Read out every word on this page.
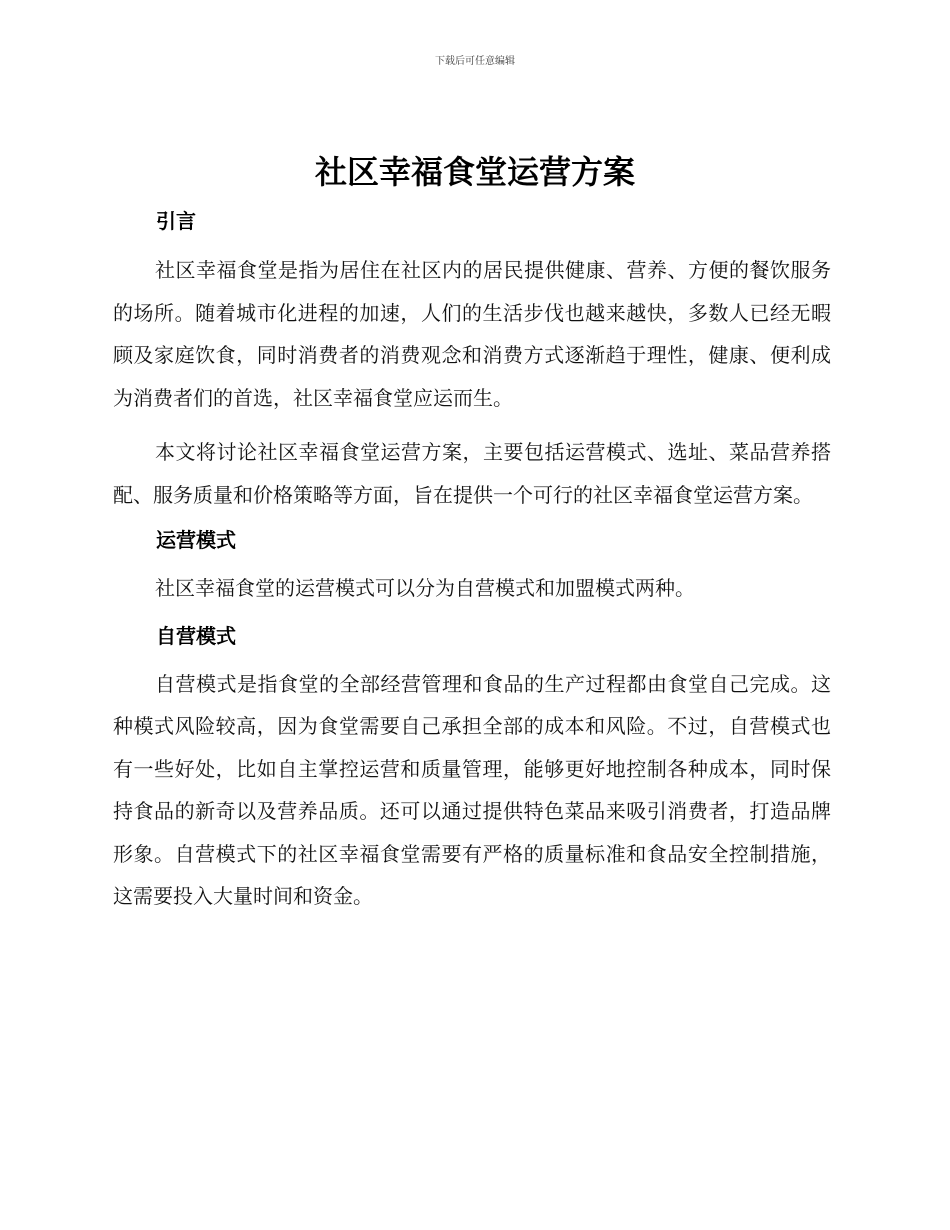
下载后可任意编辑
社区幸福食堂运营方案
引言

社区幸福食堂是指为居住在社区内的居民提供健康、营养、方便的餐饮服务的场所。随着城市化进程的加速，人们的生活步伐也越来越快，多数人已经无暇顾及家庭饮食，同时消费者的消费观念和消费方式逐渐趋于理性，健康、便利成为消费者们的首选，社区幸福食堂应运而生。

本文将讨论社区幸福食堂运营方案，主要包括运营模式、选址、菜品营养搭配、服务质量和价格策略等方面，旨在提供一个可行的社区幸福食堂运营方案。

运营模式

社区幸福食堂的运营模式可以分为自营模式和加盟模式两种。

自营模式

自营模式是指食堂的全部经营管理和食品的生产过程都由食堂自己完成。这种模式风险较高，因为食堂需要自己承担全部的成本和风险。不过，自营模式也有一些好处，比如自主掌控运营和质量管理，能够更好地控制各种成本，同时保持食品的新奇以及营养品质。还可以通过提供特色菜品来吸引消费者，打造品牌形象。自营模式下的社区幸福食堂需要有严格的质量标准和食品安全控制措施，这需要投入大量时间和资金。
